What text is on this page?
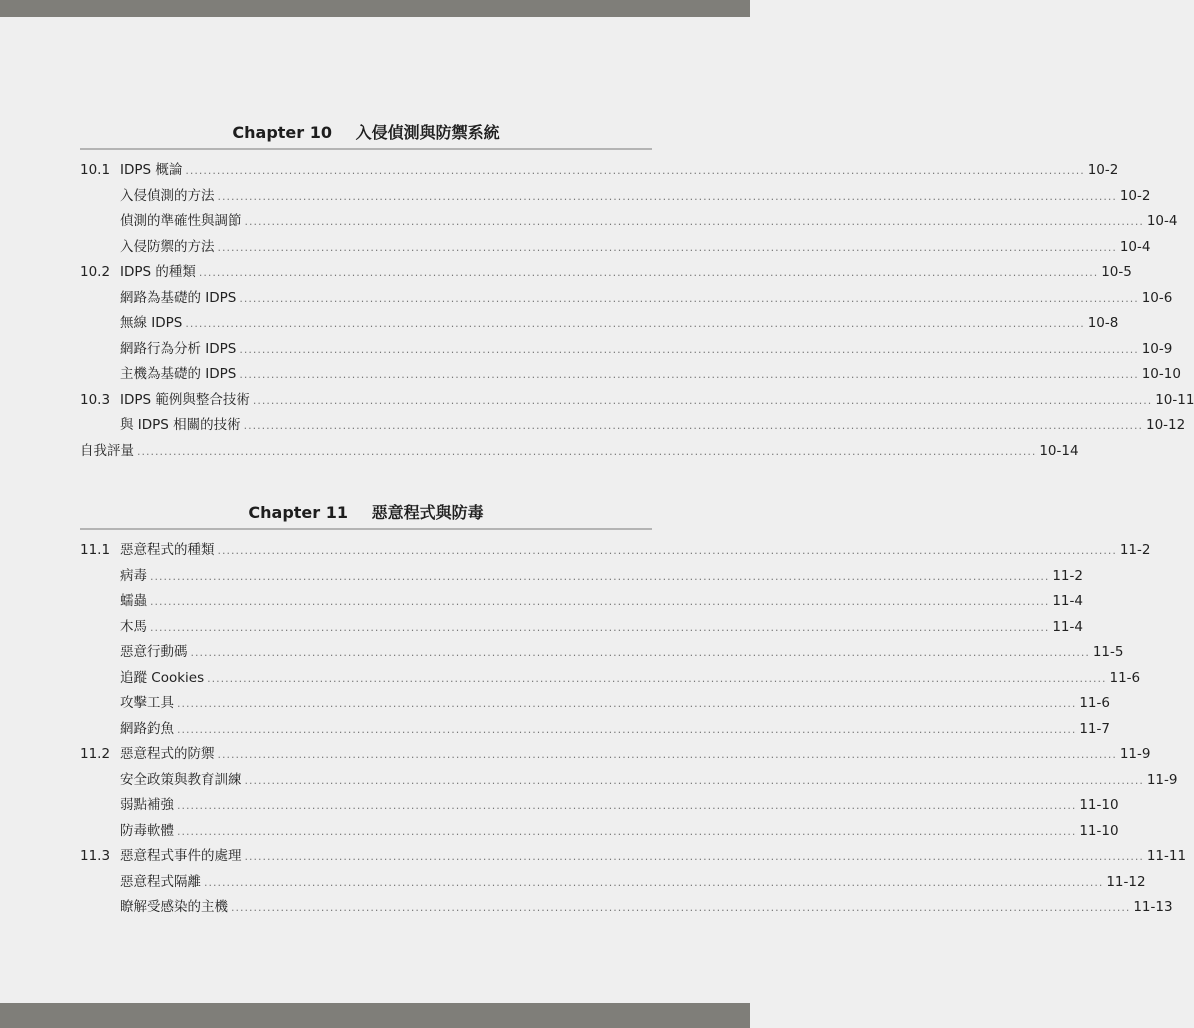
Chapter 10 入侵偵測與防禦系統
10.1 IDPS 概論 ........................................................................................................................................................................................................ 10-2
入侵偵測的方法 ........................................................................................................................................................................................................ 10-2
偵測的準確性與調節 ........................................................................................................................................................................................................ 10-4
入侵防禦的方法 ........................................................................................................................................................................................................ 10-4
10.2 IDPS 的種類 ........................................................................................................................................................................................................ 10-5
網路為基礎的 IDPS ........................................................................................................................................................................................................ 10-6
無線 IDPS ........................................................................................................................................................................................................ 10-8
網路行為分析 IDPS ........................................................................................................................................................................................................ 10-9
主機為基礎的 IDPS ........................................................................................................................................................................................................ 10-10
10.3 IDPS 範例與整合技術 ........................................................................................................................................................................................................ 10-11
與 IDPS 相關的技術 ........................................................................................................................................................................................................ 10-12
自我評量 ........................................................................................................................................................................................................ 10-14
Chapter 11 惡意程式與防毒
11.1 惡意程式的種類 ........................................................................................................................................................................................................ 11-2
病毒 ........................................................................................................................................................................................................ 11-2
蠕蟲 ........................................................................................................................................................................................................ 11-4
木馬 ........................................................................................................................................................................................................ 11-4
惡意行動碼 ........................................................................................................................................................................................................ 11-5
追蹤 Cookies ........................................................................................................................................................................................................ 11-6
攻擊工具 ........................................................................................................................................................................................................ 11-6
網路釣魚 ........................................................................................................................................................................................................ 11-7
11.2 惡意程式的防禦 ........................................................................................................................................................................................................ 11-9
安全政策與教育訓練 ........................................................................................................................................................................................................ 11-9
弱點補強 ........................................................................................................................................................................................................ 11-10
防毒軟體 ........................................................................................................................................................................................................ 11-10
11.3 惡意程式事件的處理 ........................................................................................................................................................................................................ 11-11
惡意程式隔離 ........................................................................................................................................................................................................ 11-12
瞭解受感染的主機 ........................................................................................................................................................................................................ 11-13
